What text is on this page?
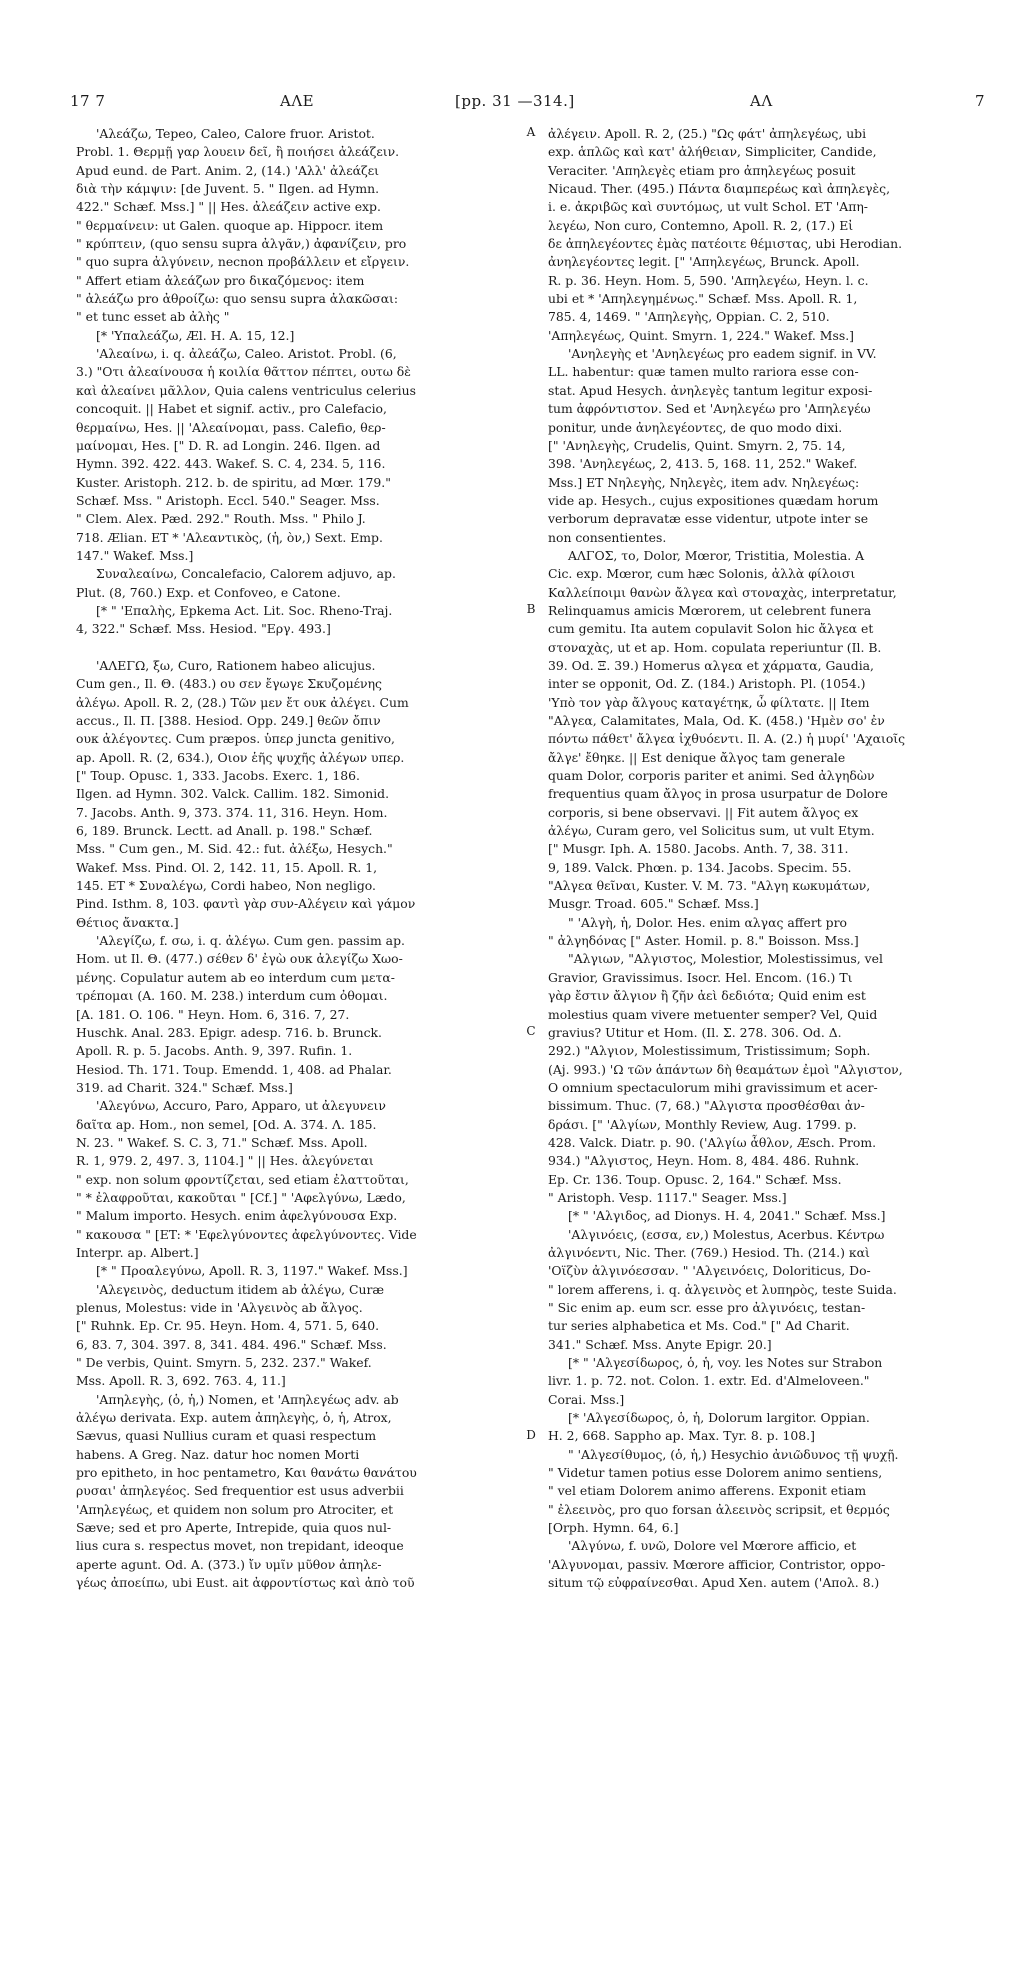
17 7	ΑΛΕ	[pp. 31 —314.]	ΑΛ	7
'Αλεάζω, Tepeo, Caleo, Calore fruor. Aristot.
Probl. 1. Θερμῇ γαρ λουειν δεῖ, ἢ ποιήσει ἀλεάζειν.
Apud eund. de Part. Anim. 2, (14.) 'Αλλ' ἀλεάζει
διὰ τὴν κάμψιν: [de Juvent. 5. " Ilgen. ad Hymn.
422." Schæf. Mss.] " || Hes. ἀλεάζειν active exp.
" θερμαίνειν: ut Galen. quoque ap. Hippocr. item
" κρύπτειν, (quo sensu supra ἀλγᾶν,) ἀφανίζειν, pro
" quo supra ἀλγύνειν, necnon προβάλλειν et εἴργειν.
" Affert etiam ἀλεάζων pro δικαζόμενος: item
" ἀλεάζω pro ἀθροίζω: quo sensu supra ἀλακῶσαι:
" et tunc esset ab ἀλὴς "
[* 'Υπαλεάζω, Æl. H. A. 15, 12.]
'Αλεαίνω, i. q. ἀλεάζω, Caleo. Aristot. Probl. (6,
3.) "Οτι ἀλεαίνουσα ἡ κοιλία θᾶττον πέπτει, ουτω δὲ
καὶ ἀλεαίνει μᾶλλον, Quia calens ventriculus celerius
concoquit. || Habet et signif. activ., pro Calefacio,
θερμαίνω, Hes. || 'Αλεαίνομαι, pass. Calefio, θερ-
μαίνομαι, Hes. [" D. R. ad Longin. 246. Ilgen. ad
Hymn. 392. 422. 443. Wakef. S. C. 4, 234. 5, 116.
Kuster. Aristoph. 212. b. de spiritu, ad Mœr. 179."
Schæf. Mss. " Aristoph. Eccl. 540." Seager. Mss.
" Clem. Alex. Pæd. 292." Routh. Mss. " Philo J.
718. Ælian. ET * 'Αλεαντικὸς, (ἡ, ὸν,) Sext. Emp.
147." Wakef. Mss.]
Συναλεαίνω, Concalefacio, Calorem adjuvo, ap.
Plut. (8, 760.) Exp. et Confoveo, e Catone.
[* " 'Επαλὴς, Epkema Act. Lit. Soc. Rheno-Traj.
4, 322." Schæf. Mss. Hesiod. "Εργ. 493.]
'ΑΛΕΓΩ, ξω, Curo, Rationem habeo alicujus.
Cum gen., Il. Θ. (483.) ου σεν ἔγωγε Σκυζομένης
ἀλέγω. Apoll. R. 2, (28.) Τῶν μεν ἔτ ουκ ἀλέγει. Cum
accus., Il. Π. [388. Hesiod. Opp. 249.] θεῶν ὄπιν
ουκ ἀλέγοντες. Cum præpos. ὑπερ juncta genitivo,
ap. Apoll. R. (2, 634.), Οιον ἑῆς ψυχῆς ἀλέγων υπερ.
[" Toup. Opusc. 1, 333. Jacobs. Exerc. 1, 186.
Ilgen. ad Hymn. 302. Valck. Callim. 182. Simonid.
7. Jacobs. Anth. 9, 373. 374. 11, 316. Heyn. Hom.
6, 189. Brunck. Lectt. ad Anall. p. 198." Schæf.
Mss. " Cum gen., M. Sid. 42.: fut. ἀλέξω, Hesych."
Wakef. Mss. Pind. Ol. 2, 142. 11, 15. Apoll. R. 1,
145. ET * Συναλέγω, Cordi habeo, Non negligo.
Pind. Isthm. 8, 103. φαντὶ γὰρ συν-Αλέγειν καὶ γάμον
Θέτιος ἄνακτα.]
'Αλεγίζω, f. σω, i. q. ἀλέγω. Cum gen. passim ap.
Hom. ut Il. Θ. (477.) σέθεν δ' ἐγὼ ουκ ἀλεγίζω Χωο-
μένης. Copulatur autem ab eo interdum cum μετα-
τρέπομαι (A. 160. M. 238.) interdum cum ὀθομαι.
[A. 181. O. 106. " Heyn. Hom. 6, 316. 7, 27.
Huschk. Anal. 283. Epigr. adesp. 716. b. Brunck.
Apoll. R. p. 5. Jacobs. Anth. 9, 397. Rufin. 1.
Hesiod. Th. 171. Toup. Emendd. 1, 408. ad Phalar.
319. ad Charit. 324." Schæf. Mss.]
'Αλεγύνω, Accuro, Paro, Apparo, ut ἀλεγυνειν
δαῖτα ap. Hom., non semel, [Od. A. 374. Λ. 185.
N. 23. " Wakef. S. C. 3, 71." Schæf. Mss. Apoll.
R. 1, 979. 2, 497. 3, 1104.] " || Hes. ἀλεγύνεται
" exp. non solum φροντίζεται, sed etiam ἐλαττοῦται,
" * ἐλαφροῦται, κακοῦται " [Cf.] " 'Αφελγύνω, Lædo,
" Malum importo. Hesych. enim ἀφελγύνουσα Exp.
" κακουσα " [ET: * 'Εφελγύνοντες ἀφελγύνοντες. Vide
Interpr. ap. Albert.]
[* " Προαλεγύνω, Apoll. R. 3, 1197." Wakef. Mss.]
'Αλεγεινὸς, deductum itidem ab ἀλέγω, Curæ
plenus, Molestus: vide in 'Αλγεινὸς ab ἄλγος.
[" Ruhnk. Ep. Cr. 95. Heyn. Hom. 4, 571. 5, 640.
6, 83. 7, 304. 397. 8, 341. 484. 496." Schæf. Mss.
" De verbis, Quint. Smyrn. 5, 232. 237." Wakef.
Mss. Apoll. R. 3, 692. 763. 4, 11.]
'Απηλεγὴς, (ὁ, ἡ,) Nomen, et 'Απηλεγέως adv. ab
ἀλέγω derivata. Exp. autem ἀπηλεγὴς, ὁ, ἡ, Atrox,
Sævus, quasi Nullius curam et quasi respectum
habens. A Greg. Naz. datur hoc nomen Morti
pro epitheto, in hoc pentametro, Και θανάτω θανάτου
ρυσαι' ἀπηλεγέος. Sed frequentior est usus adverbii
'Απηλεγέως, et quidem non solum pro Atrociter, et
Sæve; sed et pro Aperte, Intrepide, quia quos nul-
lius cura s. respectus movet, non trepidant, ideoque
aperte agunt. Od. A. (373.) ἴν υμῖν μῦθον ἀπηλε-
γέως ἀποείπω, ubi Eust. ait ἀφροντίστως καὶ ἀπὸ τοῦ
ἀλέγειν. Apoll. R. 2, (25.) "Ως φάτ' ἀπηλεγέως, ubi
exp. ἁπλῶς καὶ κατ' ἀλήθειαν, Simpliciter, Candide,
Veraciter. 'Απηλεγὲς etiam pro ἀπηλεγέως posuit
Nicaud. Ther. (495.) Πάντα διαμπερέως καὶ ἀπηλεγὲς,
i. e. ἀκριβῶς καὶ συντόμως, ut vult Schol. ET 'Απη-
λεγέω, Non curo, Contemno, Apoll. R. 2, (17.) Εἰ
δε ἀπηλεγέοντες ἐμὰς πατέοιτε θέμιστας, ubi Herodian.
ἀνηλεγέοντες legit. [" 'Απηλεγέως, Brunck. Apoll.
R. p. 36. Heyn. Hom. 5, 590. 'Απηλεγέω, Heyn. l. c.
ubi et * 'Απηλεγημένως." Schæf. Mss. Apoll. R. 1,
785. 4, 1469. " 'Απηλεγὴς, Oppian. C. 2, 510.
'Απηλεγέως, Quint. Smyrn. 1, 224." Wakef. Mss.]
'Ανηλεγὴς et 'Ανηλεγέως pro eadem signif. in VV.
LL. habentur: quæ tamen multo rariora esse con-
stat. Apud Hesych. ἀνηλεγὲς tantum legitur exposi-
tum ἀφρόντιστον. Sed et 'Ανηλεγέω pro 'Απηλεγέω
ponitur, unde ἀνηλεγέοντες, de quo modo dixi.
[" 'Ανηλεγὴς, Crudelis, Quint. Smyrn. 2, 75. 14,
398. 'Ανηλεγέως, 2, 413. 5, 168. 11, 252." Wakef.
Mss.] ET Νηλεγὴς, Νηλεγὲς, item adv. Νηλεγέως:
vide ap. Hesych., cujus expositiones quædam horum
verborum depravatæ esse videntur, utpote inter se
non consentientes.
ΑΛΓΟΣ, το, Dolor, Mœror, Tristitia, Molestia. A
Cic. exp. Mœror, cum hæc Solonis, ἀλλὰ φίλοισι
Καλλείποιμι θανὼν ἄλγεα καὶ στοναχὰς, interpretatur,
Relinquamus amicis Mœrorem, ut celebrent funera
cum gemitu. Ita autem copulavit Solon hic ἄλγεα et
στοναχὰς, ut et ap. Hom. copulata reperiuntur (Il. B.
39. Od. Ξ. 39.) Homerus αλγεα et χάρματα, Gaudia,
inter se opponit, Od. Z. (184.) Aristoph. Pl. (1054.)
'Υπὸ τον γὰρ ἄλγους καταγέτηκ, ὦ φίλτατε. || Item
"Αλγεα, Calamitates, Mala, Od. K. (458.) 'Ημὲν σο' ἐν
πόντω πάθετ' ἄλγεα ἰχθυόεντι. Il. A. (2.) ἡ μυρί' 'Αχαιοῖς
ἄλγε' ἔθηκε. || Est denique ἄλγος tam generale
quam Dolor, corporis pariter et animi. Sed ἀλγηδὼν
frequentius quam ἄλγος in prosa usurpatur de Dolore
corporis, si bene observavi. || Fit autem ἄλγος ex
ἀλέγω, Curam gero, vel Solicitus sum, ut vult Etym.
[" Musgr. Iph. A. 1580. Jacobs. Anth. 7, 38. 311.
9, 189. Valck. Phœn. p. 134. Jacobs. Specim. 55.
"Αλγεα θεῖναι, Kuster. V. M. 73. "Αλγη κωκυμάτων,
Musgr. Troad. 605." Schæf. Mss.]
" 'Αλγὴ, ἡ, Dolor. Hes. enim αλγας affert pro
" ἀλγηδόνας [" Aster. Homil. p. 8." Boisson. Mss.]
"Αλγιων, "Αλγιστος, Molestior, Molestissimus, vel
Gravior, Gravissimus. Isocr. Hel. Encom. (16.) Τι
γὰρ ἔστιν ἄλγιον ἢ ζῆν ἀεὶ δεδιότα; Quid enim est
molestius quam vivere metuenter semper? Vel, Quid
gravius? Utitur et Hom. (Il. Σ. 278. 306. Od. Δ.
292.) "Αλγιον, Molestissimum, Tristissimum; Soph.
(Aj. 993.) 'Ω τῶν ἁπάντων δὴ θεαμάτων ἐμοὶ "Αλγιστον,
O omnium spectaculorum mihi gravissimum et acer-
bissimum. Thuc. (7, 68.) "Αλγιστα προσθέσθαι ἀν-
δράσι. [" 'Αλγίων, Monthly Review, Aug. 1799. p.
428. Valck. Diatr. p. 90. ('Αλγίω ἆθλον, Æsch. Prom.
934.) "Αλγιστος, Heyn. Hom. 8, 484. 486. Ruhnk.
Ep. Cr. 136. Toup. Opusc. 2, 164." Schæf. Mss.
" Aristoph. Vesp. 1117." Seager. Mss.]
[* " 'Αλγιδος, ad Dionys. H. 4, 2041." Schæf. Mss.]
'Αλγινόεις, (εσσα, εν,) Molestus, Acerbus. Κέντρω
ἀλγινόεντι, Nic. Ther. (769.) Hesiod. Th. (214.) καὶ
'Οϊζὺν ἀλγινόεσσαν. " 'Αλγεινόεις, Doloriticus, Do-
" lorem afferens, i. q. ἀλγεινὸς et λυπηρὸς, teste Suida.
" Sic enim ap. eum scr. esse pro ἀλγινόεις, testan-
tur series alphabetica et Ms. Cod." [" Ad Charit.
341." Schæf. Mss. Anyte Epigr. 20.]
[* " 'Αλγεσίδωρος, ὁ, ἡ, voy. les Notes sur Strabon
livr. 1. p. 72. not. Colon. 1. extr. Ed. d'Almeloveen."
Corai. Mss.]
[* 'Αλγεσίδωρος, ὁ, ἡ, Dolorum largitor. Oppian.
H. 2, 668. Sappho ap. Max. Tyr. 8. p. 108.]
" 'Αλγεσίθυμος, (ὁ, ἡ,) Hesychio ἀνιῶδυνος τῇ ψυχῇ.
" Videtur tamen potius esse Dolorem animo sentiens,
" vel etiam Dolorem animo afferens. Exponit etiam
" ἐλεεινὸς, pro quo forsan ἀλεεινὸς scripsit, et θερμός
[Orph. Hymn. 64, 6.]
'Αλγύνω, f. υνῶ, Dolore vel Mœrore afficio, et
'Αλγυνομαι, passiv. Mœrore afficior, Contristor, oppo-
situm τῷ εὐφραίνεσθαι. Apud Xen. autem ('Απολ. 8.)
A
B
C
D
